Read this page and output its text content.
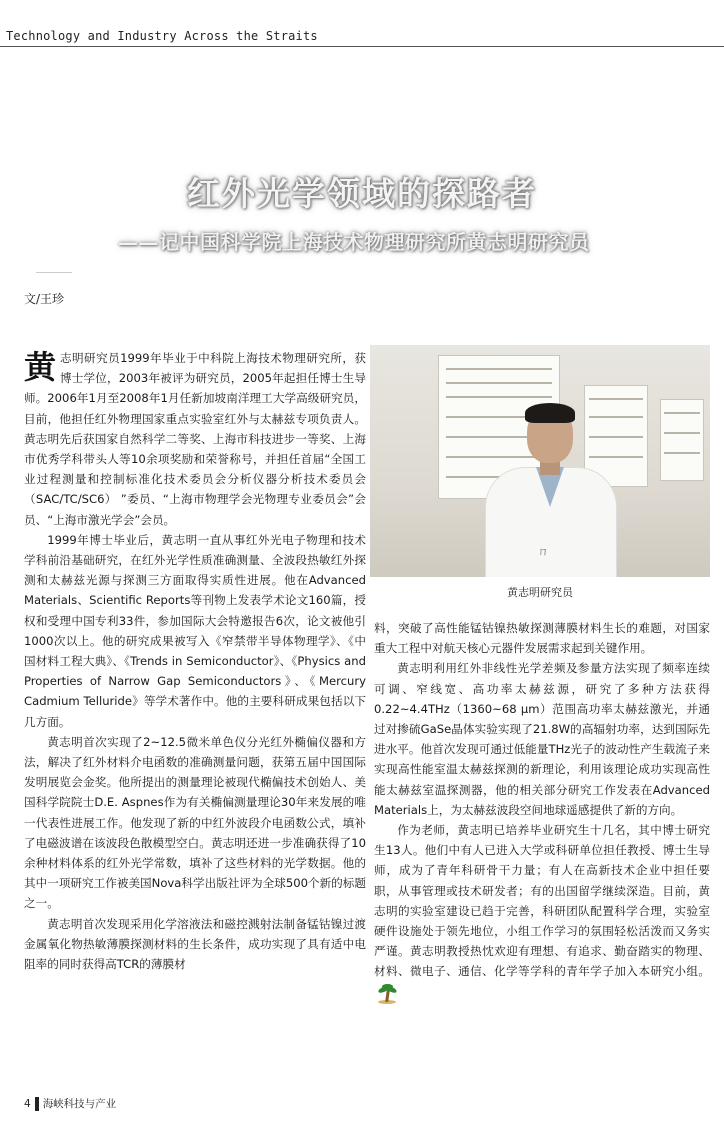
Technology and Industry Across the Straits
红外光学领域的探路者
——记中国科学院上海技术物理研究所黄志明研究员
文/王珍

黄志明研究员1999年毕业于中科院上海技术物理研究所，获博士学位，2003年被评为研究员，2005年起担任博士生导师。2006年1月至2008年1月任新加坡南洋理工大学高级研究员，目前，他担任红外物理国家重点实验室红外与太赫兹专项负责人。黄志明先后获国家自然科学二等奖、上海市科技进步一等奖、上海市优秀学科带头人等10余项奖励和荣誉称号，并担任首届“全国工业过程测量和控制标准化技术委员会分析仪器分析技术委员会（SAC/TC/SC6） ”委员、“上海市物理学会光物理专业委员会”会员、“上海市激光学会”会员。

1999年博士毕业后，黄志明一直从事红外光电子物理和技术学科前沿基础研究，在红外光学性质准确测量、全波段热敏红外探测和太赫兹光源与探测三方面取得实质性进展。他在Advanced Materials、Scientific Reports等刊物上发表学术论文160篇，授权和受理中国专利33件，参加国际大会特邀报告6次，论文被他引1000次以上。他的研究成果被写入《窄禁带半导体物理学》、《中国材料工程大典》、《Trends in Semiconductor》、《Physics and Properties of Narrow Gap Semiconductors》、《Mercury Cadmium Telluride》等学术著作中。他的主要科研成果包括以下几方面。

黄志明首次实现了2~12.5微米单色仪分光红外椭偏仪器和方法，解决了红外材料介电函数的准确测量问题，获第五届中国国际发明展览会金奖。他所提出的测量理论被现代椭偏技术创始人、美国科学院院士D.E. Aspnes作为有关椭偏测量理论30年来发展的唯一代表性进展工作。他发现了新的中红外波段介电函数公式，填补了电磁波谱在该波段色散模型空白。黄志明还进一步准确获得了10余种材料体系的红外光学常数，填补了这些材料的光学数据。他的其中一项研究工作被美国Nova科学出版社评为全球500个新的标题之一。

黄志明首次发现采用化学溶液法和磁控溅射法制备锰钴镍过渡金属氧化物热敏薄膜探测材料的生长条件，成功实现了具有适中电阻率的同时获得高TCR的薄膜材

ㄇ
黄志明研究员

料，突破了高性能锰钴镍热敏探测薄膜材料生长的难题，对国家重大工程中对航天核心元器件发展需求起到关键作用。

黄志明利用红外非线性光学差频及参量方法实现了频率连续可调、窄线宽、高功率太赫兹源，研究了多种方法获得0.22~4.4THz（1360~68 μm）范围高功率太赫兹激光，并通过对掺硫GaSe晶体实验实现了21.8W的高辐射功率，达到国际先进水平。他首次发现可通过低能量THz光子的波动性产生载流子来实现高性能室温太赫兹探测的新理论，利用该理论成功实现高性能太赫兹室温探测器，他的相关部分研究工作发表在Advanced Materials上，为太赫兹波段空间地球遥感提供了新的方向。

作为老师，黄志明已培养毕业研究生十几名，其中博士研究生13人。他们中有人已进入大学或科研单位担任教授、博士生导师，成为了青年科研骨干力量；有人在高新技术企业中担任要职，从事管理或技术研发者；有的出国留学继续深造。目前，黄志明的实验室建设已趋于完善，科研团队配置科学合理，实验室硬件设施处于领先地位，小组工作学习的氛围轻松活泼而又务实严谨。黄志明教授热忱欢迎有理想、有追求、勤奋踏实的物理、材料、微电子、通信、化学等学科的青年学子加入本研究小组。

4 海峡科技与产业
